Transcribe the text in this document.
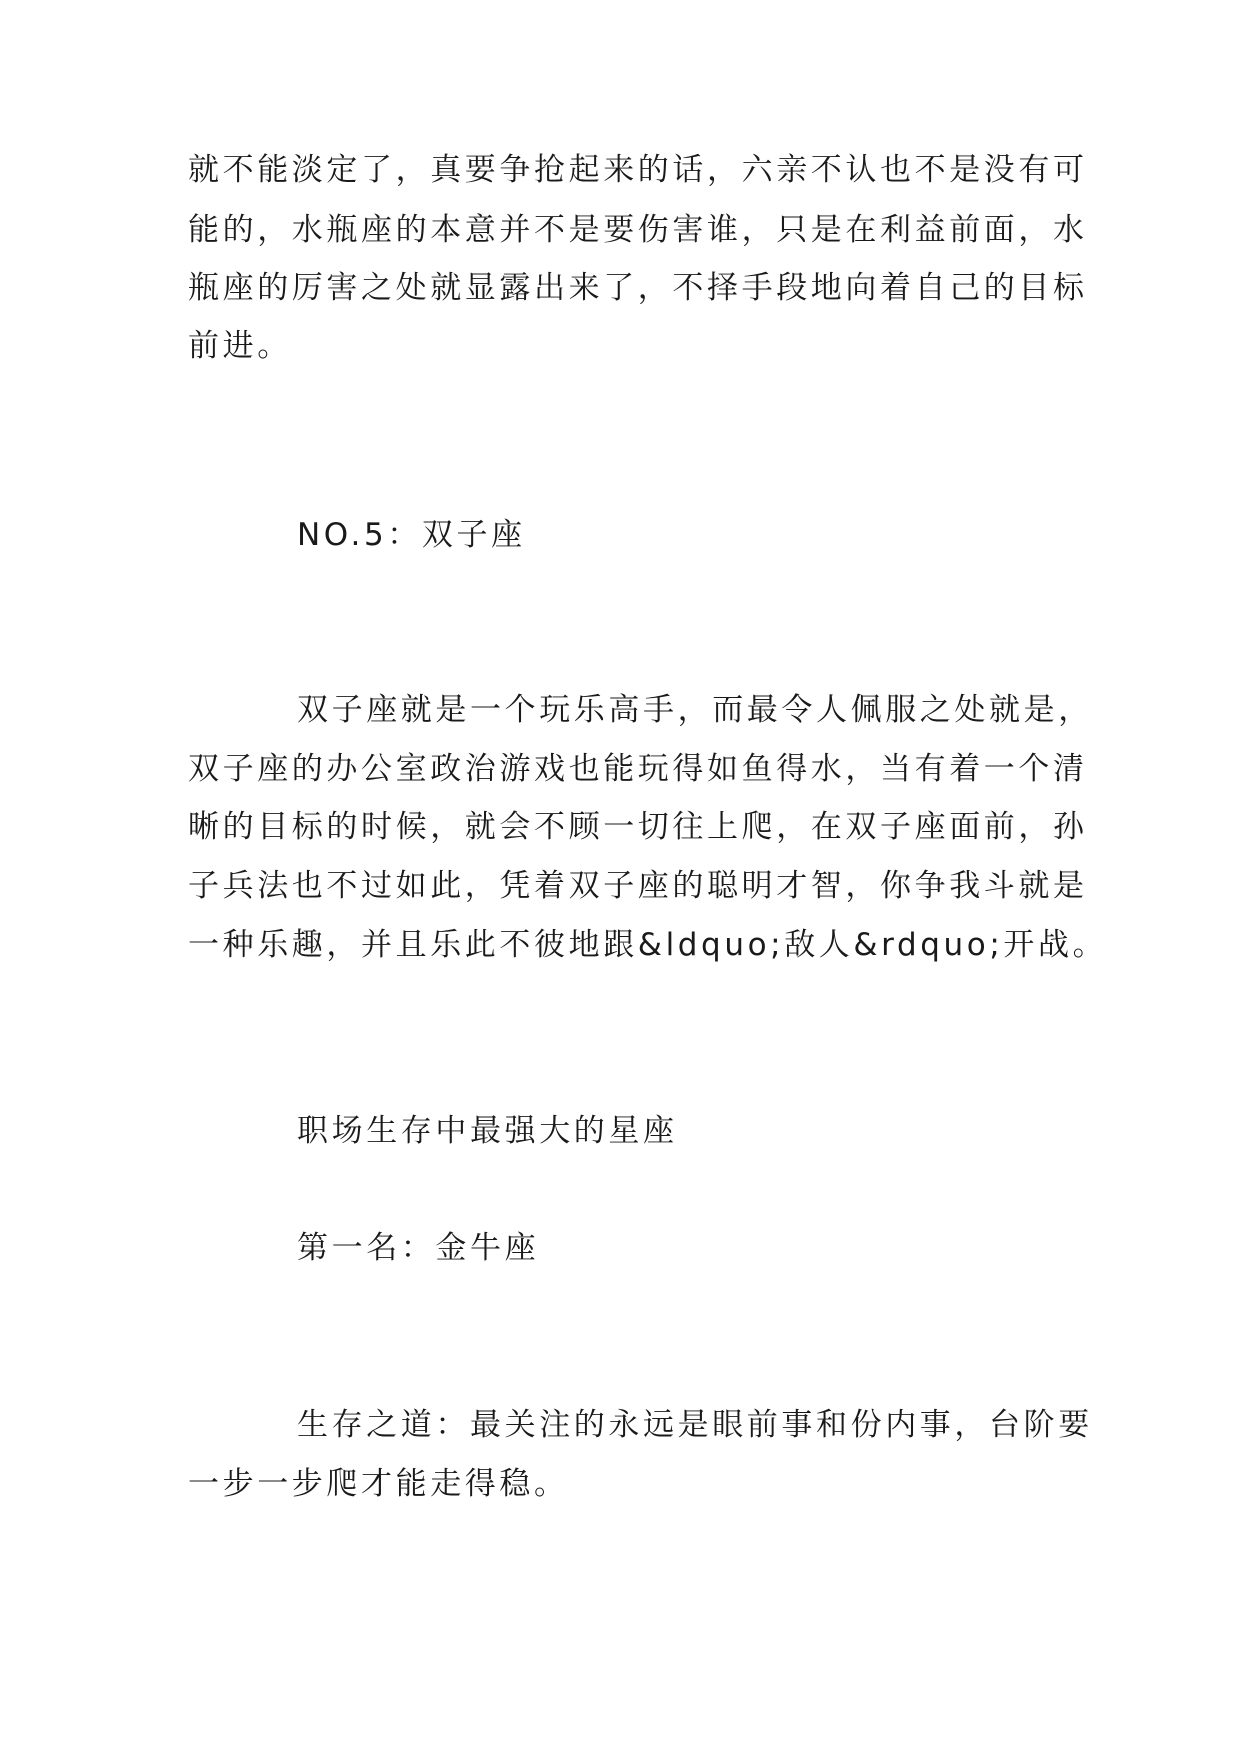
就不能淡定了，真要争抢起来的话，六亲不认也不是没有可
能的，水瓶座的本意并不是要伤害谁，只是在利益前面，水
瓶座的厉害之处就显露出来了，不择手段地向着自己的目标
前进。
NO.5：双子座
双子座就是一个玩乐高手，而最令人佩服之处就是，
双子座的办公室政治游戏也能玩得如鱼得水，当有着一个清
晰的目标的时候，就会不顾一切往上爬，在双子座面前，孙
子兵法也不过如此，凭着双子座的聪明才智，你争我斗就是
一种乐趣，并且乐此不彼地跟&ldquo;敌人&rdquo;开战。
职场生存中最强大的星座
第一名：金牛座
生存之道：最关注的永远是眼前事和份内事，台阶要
一步一步爬才能走得稳。
